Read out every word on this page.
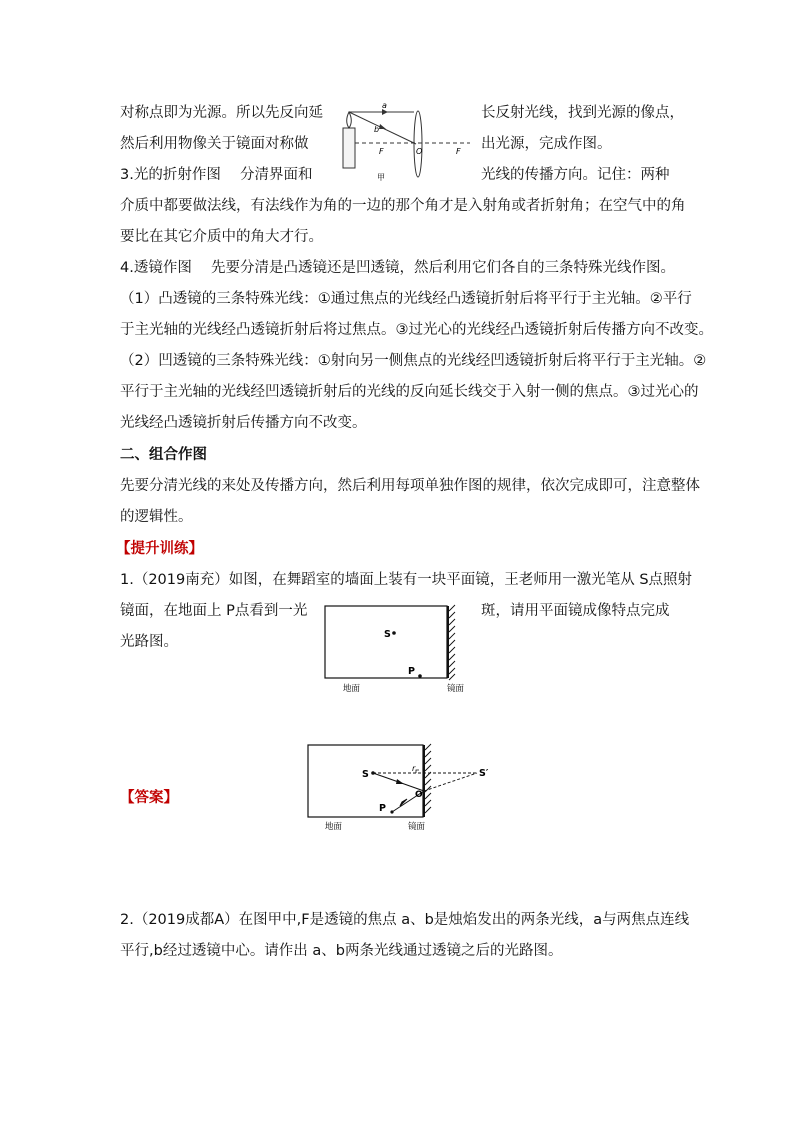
对称点即为光源。所以先反向延	长反射光线，找到光源的像点，
然后利用物像关于镜面对称做	出光源，完成作图。
3.光的折射作图　 分清界面和	光线的传播方向。记住：两种
介质中都要做法线，有法线作为角的一边的那个角才是入射角或者折射角；在空气中的角
要比在其它介质中的角大才行。
4.透镜作图　 先要分清是凸透镜还是凹透镜，然后利用它们各自的三条特殊光线作图。
（1）凸透镜的三条特殊光线：①通过焦点的光线经凸透镜折射后将平行于主光轴。②平行
于主光轴的光线经凸透镜折射后将过焦点。③过光心的光线经凸透镜折射后传播方向不改变。
（2）凹透镜的三条特殊光线：①射向另一侧焦点的光线经凹透镜折射后将平行于主光轴。②
平行于主光轴的光线经凹透镜折射后的光线的反向延长线交于入射一侧的焦点。③过光心的
光线经凸透镜折射后传播方向不改变。
二、组合作图
先要分清光线的来处及传播方向，然后利用每项单独作图的规律，依次完成即可，注意整体
的逻辑性。
【提升训练】
1.（2019南充）如图，在舞蹈室的墙面上装有一块平面镜，王老师用一激光笔从 S点照射
镜面，在地面上 P点看到一光	斑，请用平面镜成像特点完成
光路图。
【答案】
2.（2019成都A）在图甲中,F是透镜的焦点 a、b是烛焰发出的两条光线，a与两焦点连线
平行,b经过透镜中心。请作出 a、b两条光线通过透镜之后的光路图。
a
b
F	O	F
甲
S
P
地面	镜面
S
r	S′
O
P
地面	镜面
